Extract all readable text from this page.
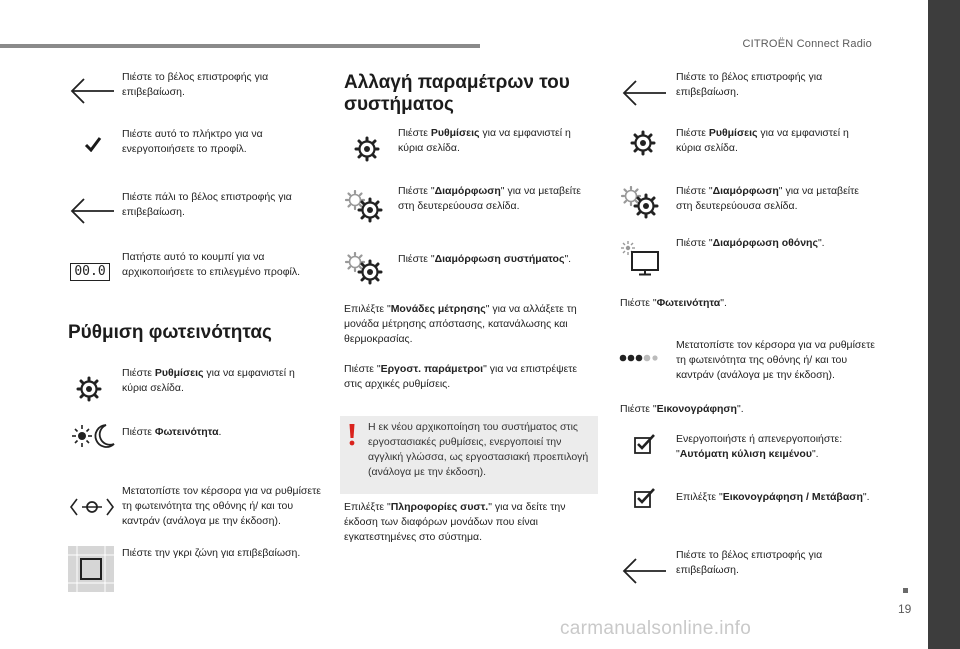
CITROËN Connect Radio
19
carmanualsonline.info
Πιέστε το βέλος επιστροφής για επιβεβαίωση.
Πιέστε αυτό το πλήκτρο για να ενεργοποιήσετε το προφίλ.
Πιέστε πάλι το βέλος επιστροφής για επιβεβαίωση.
00.0
Πατήστε αυτό το κουμπί για να αρχικοποιήσετε το επιλεγμένο προφίλ.
Ρύθμιση φωτεινότητας
Πιέστε Ρυθμίσεις για να εμφανιστεί η κύρια σελίδα.
Πιέστε Φωτεινότητα.
Μετατοπίστε τον κέρσορα για να ρυθμίσετε τη φωτεινότητα της οθόνης ή/ και του καντράν (ανάλογα με την έκδοση).
Πιέστε την γκρι ζώνη για επιβεβαίωση.
Αλλαγή παραμέτρων του
συστήματος
Πιέστε Ρυθμίσεις για να εμφανιστεί η κύρια σελίδα.
Πιέστε "Διαμόρφωση" για να μεταβείτε στη δευτερεύουσα σελίδα.
Πιέστε "Διαμόρφωση συστήματος".
Επιλέξτε "Μονάδες μέτρησης" για να αλλάξετε τη μονάδα μέτρησης απόστασης, κατανάλωσης και θερμοκρασίας.
Πιέστε "Εργοστ. παράμετροι" για να επιστρέψετε στις αρχικές ρυθμίσεις.
Η εκ νέου αρχικοποίηση του συστήματος στις εργοστασιακές ρυθμίσεις, ενεργοποιεί την αγγλική γλώσσα, ως εργοστασιακή προεπιλογή (ανάλογα με την έκδοση).
Επιλέξτε "Πληροφορίες συστ." για να δείτε την έκδοση των διαφόρων μονάδων που είναι εγκατεστημένες στο σύστημα.
Πιέστε το βέλος επιστροφής για επιβεβαίωση.
Πιέστε Ρυθμίσεις για να εμφανιστεί η κύρια σελίδα.
Πιέστε "Διαμόρφωση" για να μεταβείτε στη δευτερεύουσα σελίδα.
Πιέστε "Διαμόρφωση οθόνης".
Πιέστε "Φωτεινότητα".
Μετατοπίστε τον κέρσορα για να ρυθμίσετε τη φωτεινότητα της οθόνης ή/ και του καντράν (ανάλογα με την έκδοση).
Πιέστε "Εικονογράφηση".
Ενεργοποιήστε ή απενεργοποιήστε: "Αυτόματη κύλιση κειμένου".
Επιλέξτε "Εικονογράφηση / Μετάβαση".
Πιέστε το βέλος επιστροφής για επιβεβαίωση.
